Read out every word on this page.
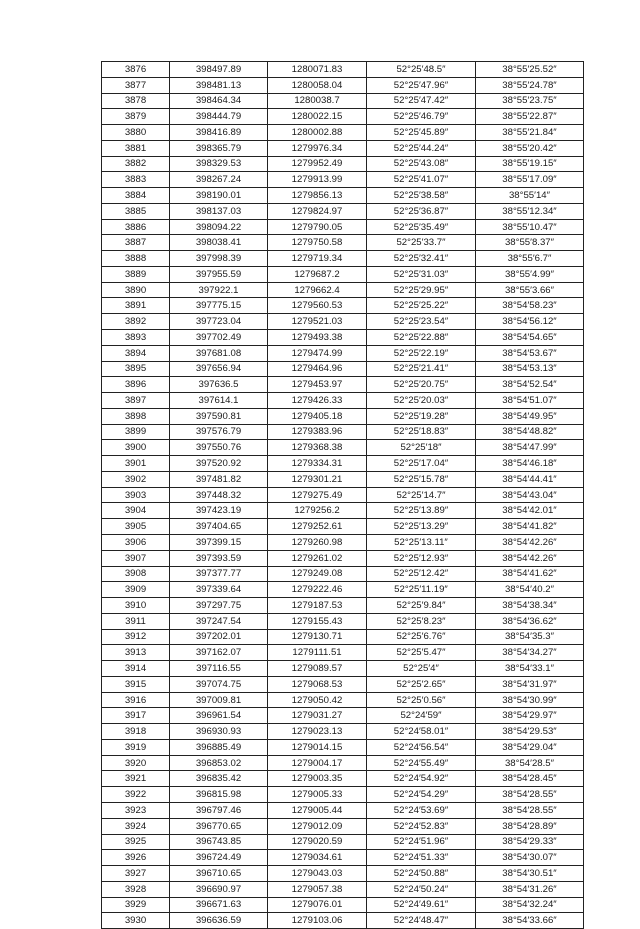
3876	398497.89	1280071.83	52°25′48.5″	38°55′25.52″
3877	398481.13	1280058.04	52°25′47.96″	38°55′24.78″
3878	398464.34	1280038.7	52°25′47.42″	38°55′23.75″
3879	398444.79	1280022.15	52°25′46.79″	38°55′22.87″
3880	398416.89	1280002.88	52°25′45.89″	38°55′21.84″
3881	398365.79	1279976.34	52°25′44.24″	38°55′20.42″
3882	398329.53	1279952.49	52°25′43.08″	38°55′19.15″
3883	398267.24	1279913.99	52°25′41.07″	38°55′17.09″
3884	398190.01	1279856.13	52°25′38.58″	38°55′14″
3885	398137.03	1279824.97	52°25′36.87″	38°55′12.34″
3886	398094.22	1279790.05	52°25′35.49″	38°55′10.47″
3887	398038.41	1279750.58	52°25′33.7″	38°55′8.37″
3888	397998.39	1279719.34	52°25′32.41″	38°55′6.7″
3889	397955.59	1279687.2	52°25′31.03″	38°55′4.99″
3890	397922.1	1279662.4	52°25′29.95″	38°55′3.66″
3891	397775.15	1279560.53	52°25′25.22″	38°54′58.23″
3892	397723.04	1279521.03	52°25′23.54″	38°54′56.12″
3893	397702.49	1279493.38	52°25′22.88″	38°54′54.65″
3894	397681.08	1279474.99	52°25′22.19″	38°54′53.67″
3895	397656.94	1279464.96	52°25′21.41″	38°54′53.13″
3896	397636.5	1279453.97	52°25′20.75″	38°54′52.54″
3897	397614.1	1279426.33	52°25′20.03″	38°54′51.07″
3898	397590.81	1279405.18	52°25′19.28″	38°54′49.95″
3899	397576.79	1279383.96	52°25′18.83″	38°54′48.82″
3900	397550.76	1279368.38	52°25′18″	38°54′47.99″
3901	397520.92	1279334.31	52°25′17.04″	38°54′46.18″
3902	397481.82	1279301.21	52°25′15.78″	38°54′44.41″
3903	397448.32	1279275.49	52°25′14.7″	38°54′43.04″
3904	397423.19	1279256.2	52°25′13.89″	38°54′42.01″
3905	397404.65	1279252.61	52°25′13.29″	38°54′41.82″
3906	397399.15	1279260.98	52°25′13.11″	38°54′42.26″
3907	397393.59	1279261.02	52°25′12.93″	38°54′42.26″
3908	397377.77	1279249.08	52°25′12.42″	38°54′41.62″
3909	397339.64	1279222.46	52°25′11.19″	38°54′40.2″
3910	397297.75	1279187.53	52°25′9.84″	38°54′38.34″
3911	397247.54	1279155.43	52°25′8.23″	38°54′36.62″
3912	397202.01	1279130.71	52°25′6.76″	38°54′35.3″
3913	397162.07	1279111.51	52°25′5.47″	38°54′34.27″
3914	397116.55	1279089.57	52°25′4″	38°54′33.1″
3915	397074.75	1279068.53	52°25′2.65″	38°54′31.97″
3916	397009.81	1279050.42	52°25′0.56″	38°54′30.99″
3917	396961.54	1279031.27	52°24′59″	38°54′29.97″
3918	396930.93	1279023.13	52°24′58.01″	38°54′29.53″
3919	396885.49	1279014.15	52°24′56.54″	38°54′29.04″
3920	396853.02	1279004.17	52°24′55.49″	38°54′28.5″
3921	396835.42	1279003.35	52°24′54.92″	38°54′28.45″
3922	396815.98	1279005.33	52°24′54.29″	38°54′28.55″
3923	396797.46	1279005.44	52°24′53.69″	38°54′28.55″
3924	396770.65	1279012.09	52°24′52.83″	38°54′28.89″
3925	396743.85	1279020.59	52°24′51.96″	38°54′29.33″
3926	396724.49	1279034.61	52°24′51.33″	38°54′30.07″
3927	396710.65	1279043.03	52°24′50.88″	38°54′30.51″
3928	396690.97	1279057.38	52°24′50.24″	38°54′31.26″
3929	396671.63	1279076.01	52°24′49.61″	38°54′32.24″
3930	396636.59	1279103.06	52°24′48.47″	38°54′33.66″
